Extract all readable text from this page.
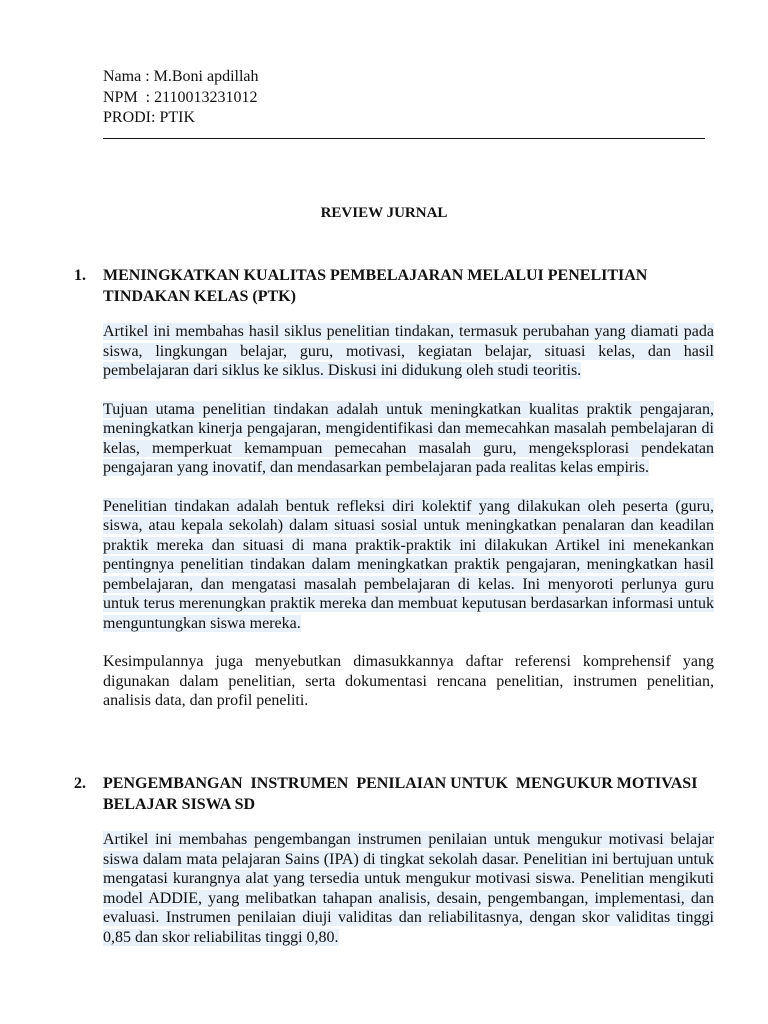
Nama : M.Boni apdillah
NPM  : 2110013231012
PRODI: PTIK
REVIEW JURNAL
1.	MENINGKATKAN KUALITAS PEMBELAJARAN MELALUI PENELITIAN TINDAKAN KELAS (PTK)

Artikel ini membahas hasil siklus penelitian tindakan, termasuk perubahan yang diamati pada siswa, lingkungan belajar, guru, motivasi, kegiatan belajar, situasi kelas, dan hasil pembelajaran dari siklus ke siklus. Diskusi ini didukung oleh studi teoritis.

Tujuan utama penelitian tindakan adalah untuk meningkatkan kualitas praktik pengajaran, meningkatkan kinerja pengajaran, mengidentifikasi dan memecahkan masalah pembelajaran di kelas, memperkuat kemampuan pemecahan masalah guru, mengeksplorasi pendekatan pengajaran yang inovatif, dan mendasarkan pembelajaran pada realitas kelas empiris.

Penelitian tindakan adalah bentuk refleksi diri kolektif yang dilakukan oleh peserta (guru, siswa, atau kepala sekolah) dalam situasi sosial untuk meningkatkan penalaran dan keadilan praktik mereka dan situasi di mana praktik-praktik ini dilakukan Artikel ini menekankan pentingnya penelitian tindakan dalam meningkatkan praktik pengajaran, meningkatkan hasil pembelajaran, dan mengatasi masalah pembelajaran di kelas. Ini menyoroti perlunya guru untuk terus merenungkan praktik mereka dan membuat keputusan berdasarkan informasi untuk menguntungkan siswa mereka.

Kesimpulannya juga menyebutkan dimasukkannya daftar referensi komprehensif yang digunakan dalam penelitian, serta dokumentasi rencana penelitian, instrumen penelitian, analisis data, dan profil peneliti.

2.	PENGEMBANGAN  INSTRUMEN  PENILAIAN UNTUK  MENGUKUR MOTIVASI BELAJAR SISWA SD

Artikel ini membahas pengembangan instrumen penilaian untuk mengukur motivasi belajar siswa dalam mata pelajaran Sains (IPA) di tingkat sekolah dasar. Penelitian ini bertujuan untuk mengatasi kurangnya alat yang tersedia untuk mengukur motivasi siswa. Penelitian mengikuti model ADDIE, yang melibatkan tahapan analisis, desain, pengembangan, implementasi, dan evaluasi. Instrumen penilaian diuji validitas dan reliabilitasnya, dengan skor validitas tinggi 0,85 dan skor reliabilitas tinggi 0,80.
